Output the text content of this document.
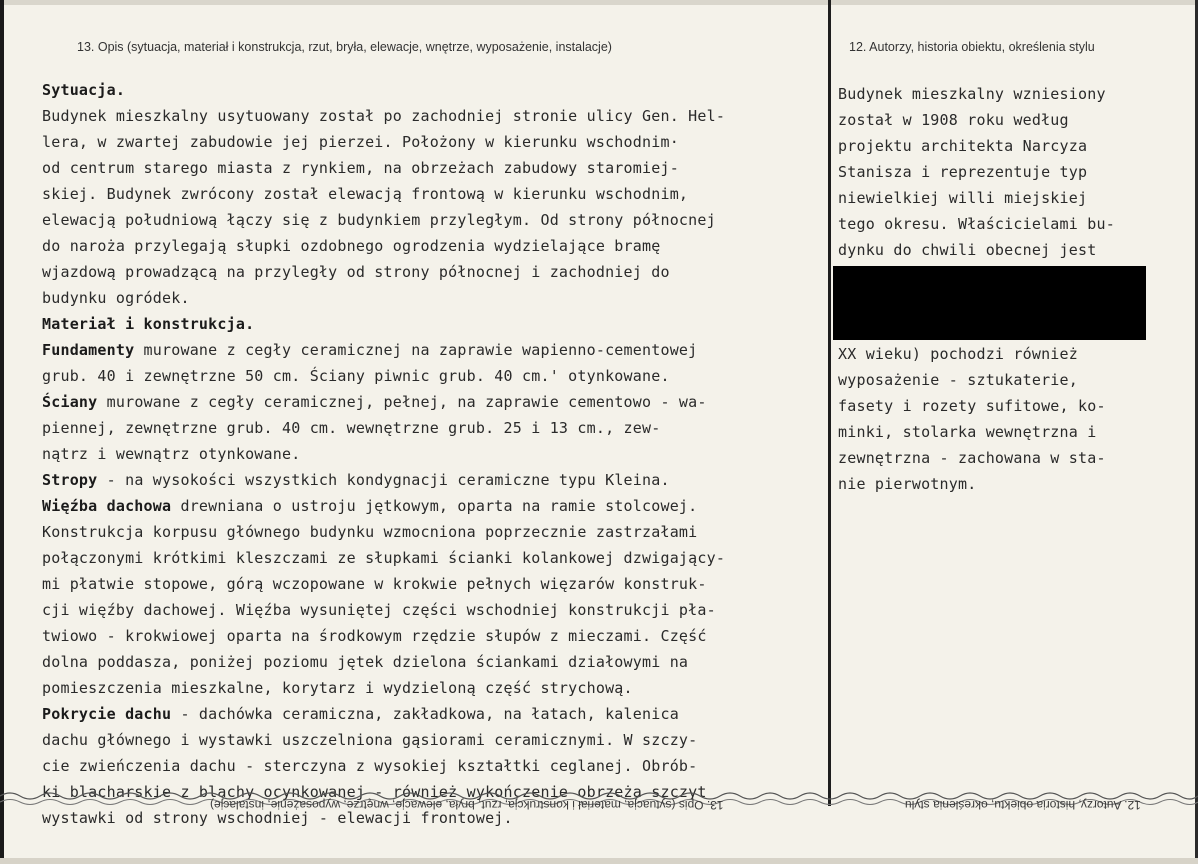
13. Opis (sytuacja, materiał i konstrukcja, rzut, bryła, elewacje, wnętrze, wyposażenie, instalacje)	12. Autorzy, historia obiektu, określenia stylu
Sytuacja.
Budynek mieszkalny usytuowany został po zachodniej stronie ulicy Gen. Hel-
lera, w zwartej zabudowie jej pierzei. Położony w kierunku wschodnim·
od centrum starego miasta z rynkiem, na obrzeżach zabudowy staromiej-
skiej. Budynek zwrócony został elewacją frontową w kierunku wschodnim,
elewacją południową łączy się z budynkiem przyległym. Od strony północnej
do naroża przylegają słupki ozdobnego ogrodzenia wydzielające bramę
wjazdową prowadzącą na przyległy od strony północnej i zachodniej do
budynku ogródek.
Materiał i konstrukcja.
Fundamenty murowane z cegły ceramicznej na zaprawie wapienno-cementowej
grub. 40 i zewnętrzne 50 cm. Ściany piwnic grub. 40 cm.' otynkowane.
Ściany murowane z cegły ceramicznej, pełnej, na zaprawie cementowo - wa-
piennej, zewnętrzne grub. 40 cm. wewnętrzne grub. 25 i 13 cm., zew-
nątrz i wewnątrz otynkowane.
Stropy - na wysokości wszystkich kondygnacji ceramiczne typu Kleina.
Więźba dachowa drewniana o ustroju jętkowym, oparta na ramie stolcowej.
Konstrukcja korpusu głównego budynku wzmocniona poprzecznie zastrzałami
połączonymi krótkimi kleszczami ze słupkami ścianki kolankowej dzwigający-
mi płatwie stopowe, górą wczopowane w krokwie pełnych więzarów konstruk-
cji więźby dachowej. Więźba wysuniętej części wschodniej konstrukcji pła-
twiowo - krokwiowej oparta na środkowym rzędzie słupów z mieczami. Część
dolna poddasza, poniżej poziomu jętek dzielona ściankami działowymi na
pomieszczenia mieszkalne, korytarz i wydzieloną część strychową.
Pokrycie dachu - dachówka ceramiczna, zakładkowa, na łatach, kalenica
dachu głównego i wystawki uszczelniona gąsiorami ceramicznymi. W szczy-
cie zwieńczenia dachu - sterczyna z wysokiej kształtki ceglanej. Obrób-
ki blacharskie z blachy ocynkowanej - również wykończenie obrzeża szczyt
wystawki od strony wschodniej - elewacji frontowej.
Budynek mieszkalny wzniesiony
został w 1908 roku według
projektu architekta Narcyza
Stanisza i reprezentuje typ
niewielkiej willi miejskiej
tego okresu. Właścicielami bu-
dynku do chwili obecnej jest
XX wieku) pochodzi również
wyposażenie - sztukaterie,
fasety i rozety sufitowe, ko-
minki, stolarka wewnętrzna i
zewnętrzna - zachowana w sta-
nie pierwotnym.
13. Opis (sytuacja, materiał i konstrukcja, rzut, bryła, elewacje, wnętrze, wyposażenie, instalacje)	12. Autorzy, historia obiektu, określenia stylu
